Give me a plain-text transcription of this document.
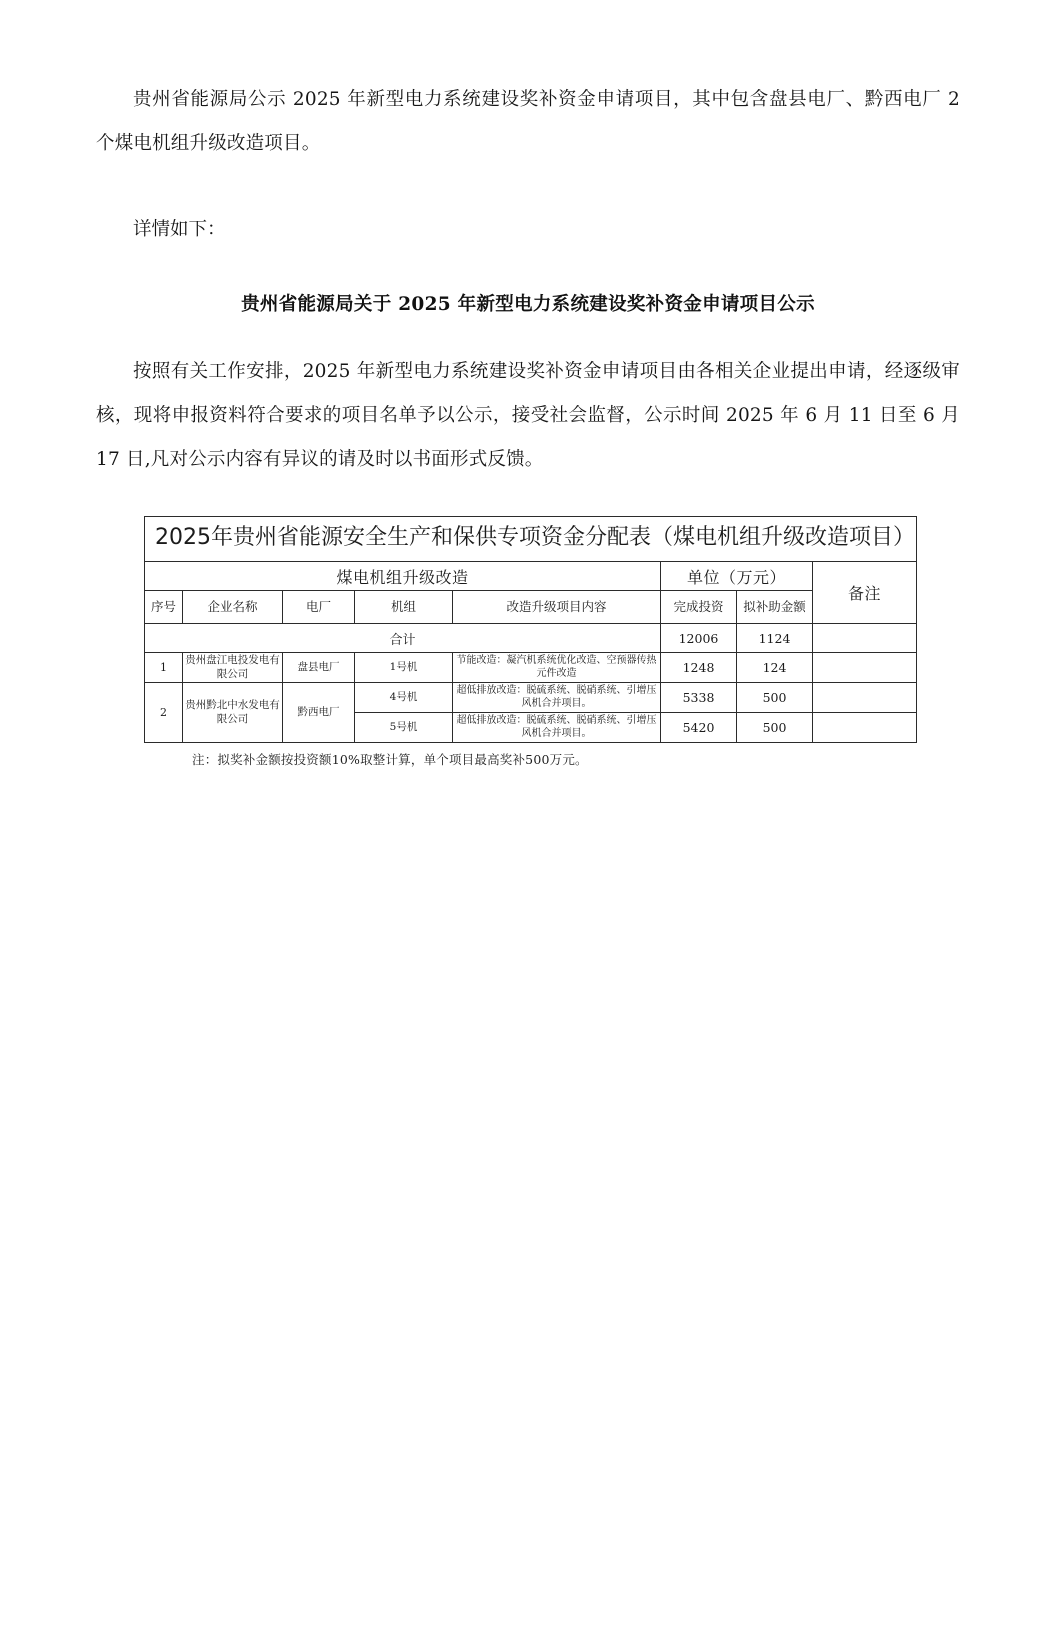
贵州省能源局公示 2025 年新型电力系统建设奖补资金申请项目，其中包含盘县电厂、黔西电厂 2 个煤电机组升级改造项目。

详情如下：

贵州省能源局关于 2025 年新型电力系统建设奖补资金申请项目公示

按照有关工作安排，2025 年新型电力系统建设奖补资金申请项目由各相关企业提出申请，经逐级审核，现将申报资料符合要求的项目名单予以公示，接受社会监督，公示时间 2025 年 6 月 11 日至 6 月 17 日,凡对公示内容有异议的请及时以书面形式反馈。

2025年贵州省能源安全生产和保供专项资金分配表（煤电机组升级改造项目）							
煤电机组升级改造					单位（万元）		备注
序号	企业名称	电厂	机组	改造升级项目内容	完成投资	拟补助金额	
合计					12006	1124	
1	贵州盘江电投发电有限公司	盘县电厂	1号机	节能改造：凝汽机系统优化改造、空预器传热元件改造	1248	124	
2	贵州黔北中水发电有限公司	黔西电厂	4号机	超低排放改造：脱硫系统、脱硝系统、引增压风机合并项目。	5338	500	
			5号机	超低排放改造：脱硫系统、脱硝系统、引增压风机合并项目。	5420	500	
注：拟奖补金额按投资额10%取整计算，单个项目最高奖补500万元。
